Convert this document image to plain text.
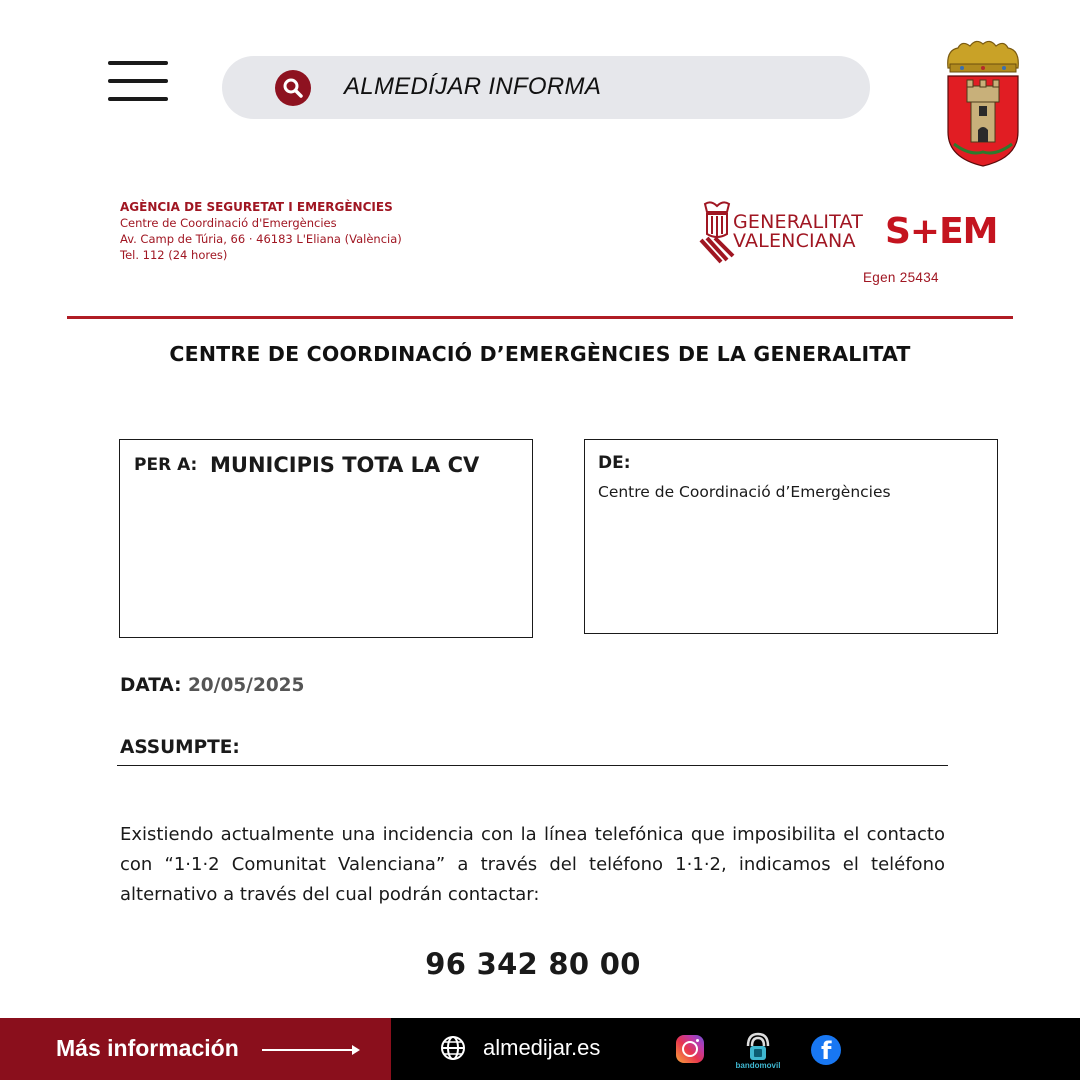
ALMEDÍJAR INFORMA
AGÈNCIA DE SEGURETAT I EMERGÈNCIES
Centre de Coordinació d'Emergències
Av. Camp de Túria, 66 · 46183 L'Eliana (València)
Tel. 112 (24 hores)
GENERALITAT
VALENCIANA S+EM
Egen 25434
CENTRE DE COORDINACIÓ D’EMERGÈNCIES DE LA GENERALITAT
PER A: MUNICIPIS TOTA LA CV	DE:
Centre de Coordinació d’Emergències
DATA: 20/05/2025
ASSUMPTE:
Existiendo actualmente una incidencia con la línea telefónica que imposibilita el contacto con “1·1·2 Comunitat Valenciana” a través del teléfono 1·1·2, indicamos el teléfono alternativo a través del cual podrán contactar:
96 342 80 00
Más información	almedijar.es
bandomovil
f
